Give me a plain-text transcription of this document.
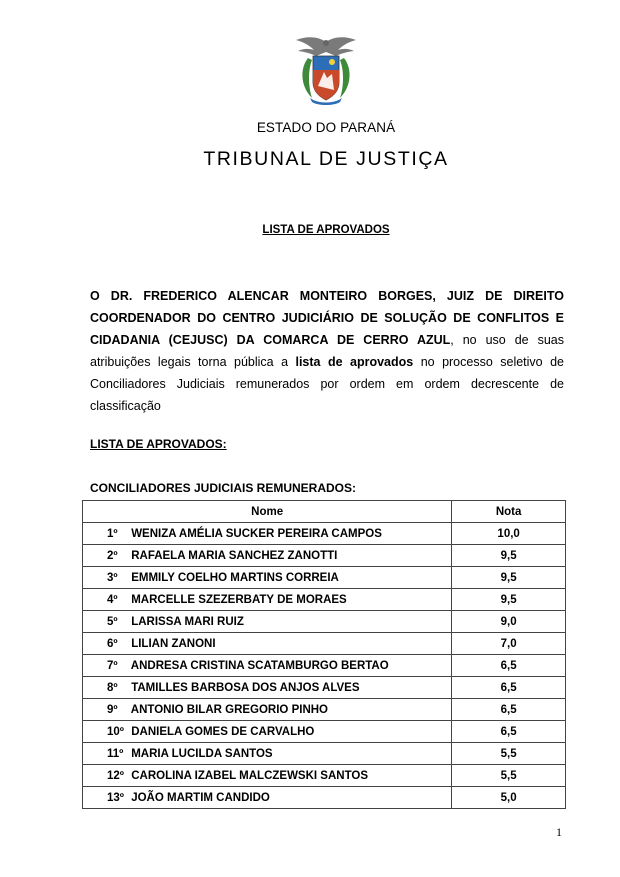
ESTADO DO PARANÁ
TRIBUNAL DE JUSTIÇA
LISTA DE APROVADOS
O DR. FREDERICO ALENCAR MONTEIRO BORGES, JUIZ DE DIREITO COORDENADOR DO CENTRO JUDICIÁRIO DE SOLUÇÃO DE CONFLITOS E CIDADANIA (CEJUSC) DA COMARCA DE CERRO AZUL, no uso de suas atribuições legais torna pública a lista de aprovados no processo seletivo de Conciliadores Judiciais remunerados por ordem em ordem decrescente de classificação
LISTA DE APROVADOS:
CONCILIADORES JUDICIAIS REMUNERADOS:
Nome	Nota
1º WENIZA AMÉLIA SUCKER PEREIRA CAMPOS	10,0
2º RAFAELA MARIA SANCHEZ ZANOTTI	9,5
3º EMMILY COELHO MARTINS CORREIA	9,5
4º MARCELLE SZEZERBATY DE MORAES	9,5
5º LARISSA MARI RUIZ	9,0
6º LILIAN ZANONI	7,0
7º ANDRESA CRISTINA SCATAMBURGO BERTAO	6,5
8º TAMILLES BARBOSA DOS ANJOS ALVES	6,5
9º ANTONIO BILAR GREGORIO PINHO	6,5
10º DANIELA GOMES DE CARVALHO	6,5
11º MARIA LUCILDA SANTOS	5,5
12º CAROLINA IZABEL MALCZEWSKI SANTOS	5,5
13º JOÃO MARTIM CANDIDO	5,0
1
